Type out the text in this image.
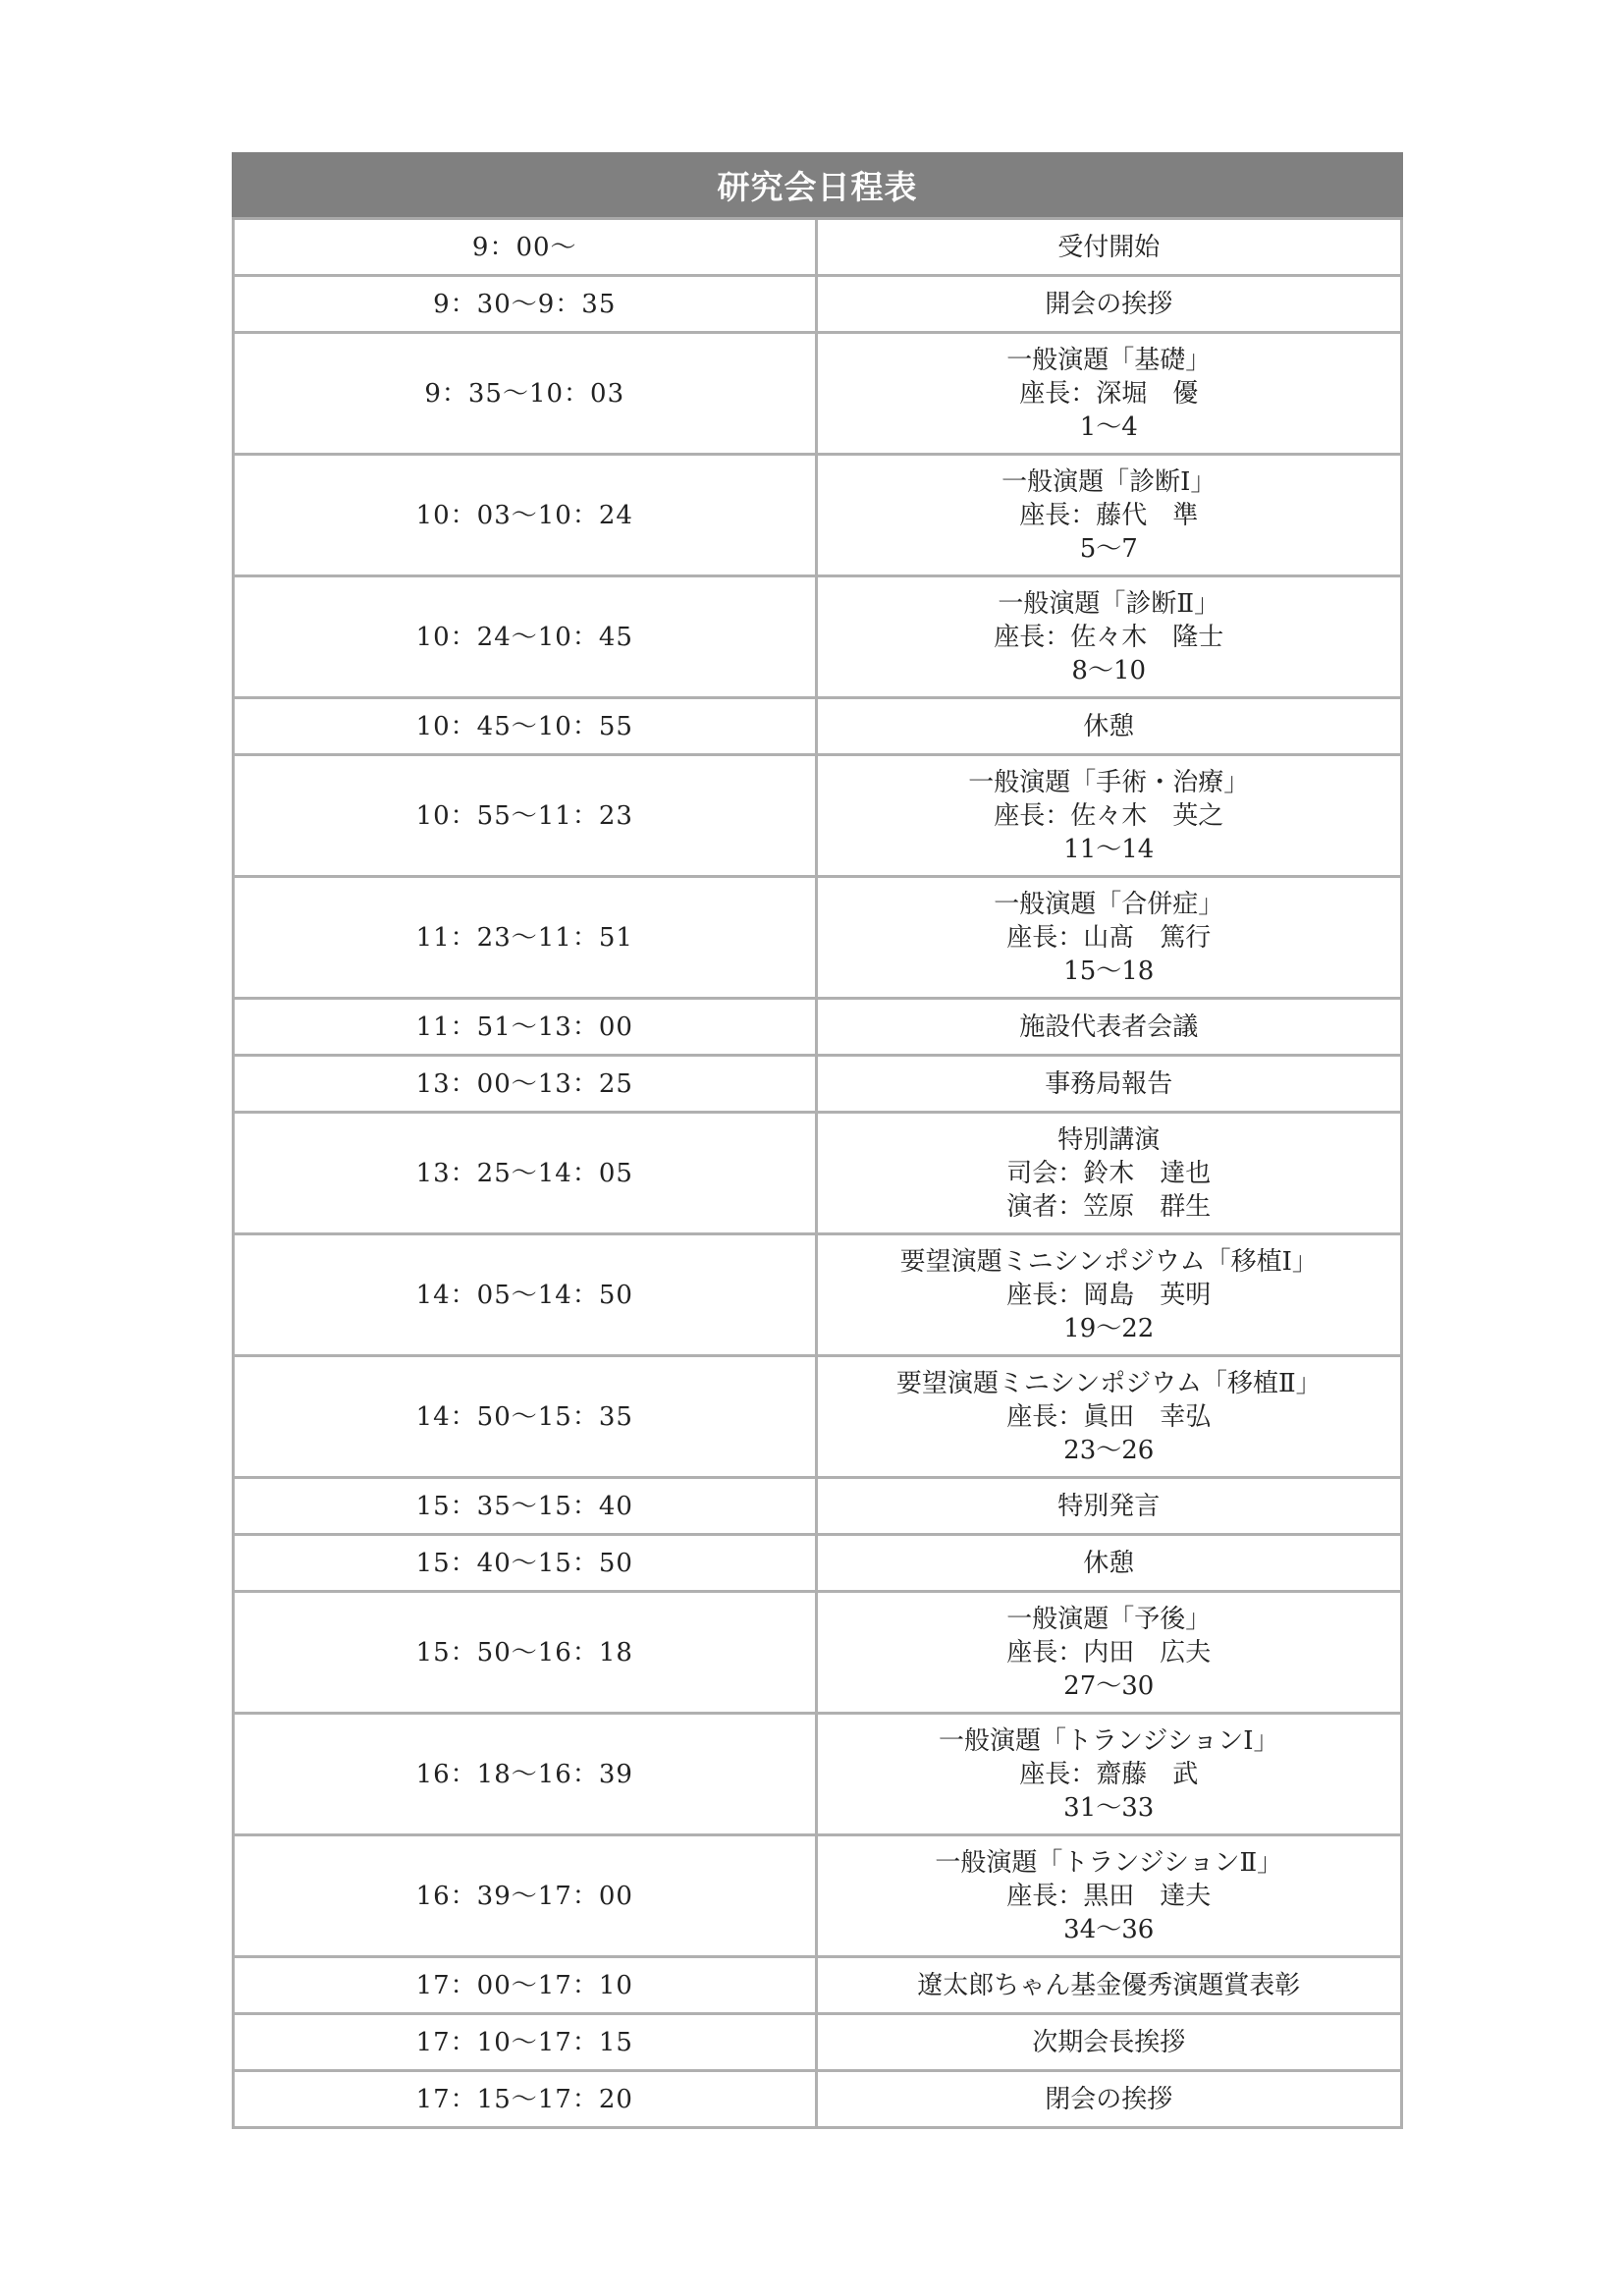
研究会日程表	
9：00～	受付開始

9：30～9：35	開会の挨拶

9：35～10：03	一般演題「基礎」
座長：深堀　優
1～4

10：03～10：24	一般演題「診断Ⅰ」
座長：藤代　準
5～7

10：24～10：45	一般演題「診断Ⅱ」
座長：佐々木　隆士
8～10

10：45～10：55	休憩

10：55～11：23	一般演題「手術・治療」
座長：佐々木　英之
11～14

11：23～11：51	一般演題「合併症」
座長：山髙　篤行
15～18

11：51～13：00	施設代表者会議

13：00～13：25	事務局報告

13：25～14：05	特別講演
司会：鈴木　達也
演者：笠原　群生

14：05～14：50	要望演題ミニシンポジウム「移植Ⅰ」
座長：岡島　英明
19～22

14：50～15：35	要望演題ミニシンポジウム「移植Ⅱ」
座長：眞田　幸弘
23～26

15：35～15：40	特別発言

15：40～15：50	休憩

15：50～16：18	一般演題「予後」
座長：内田　広夫
27～30

16：18～16：39	一般演題「トランジションⅠ」
座長：齋藤　武
31～33

16：39～17：00	一般演題「トランジションⅡ」
座長：黒田　達夫
34～36

17：00～17：10	遼太郎ちゃん基金優秀演題賞表彰

17：10～17：15	次期会長挨拶

17：15～17：20	閉会の挨拶
